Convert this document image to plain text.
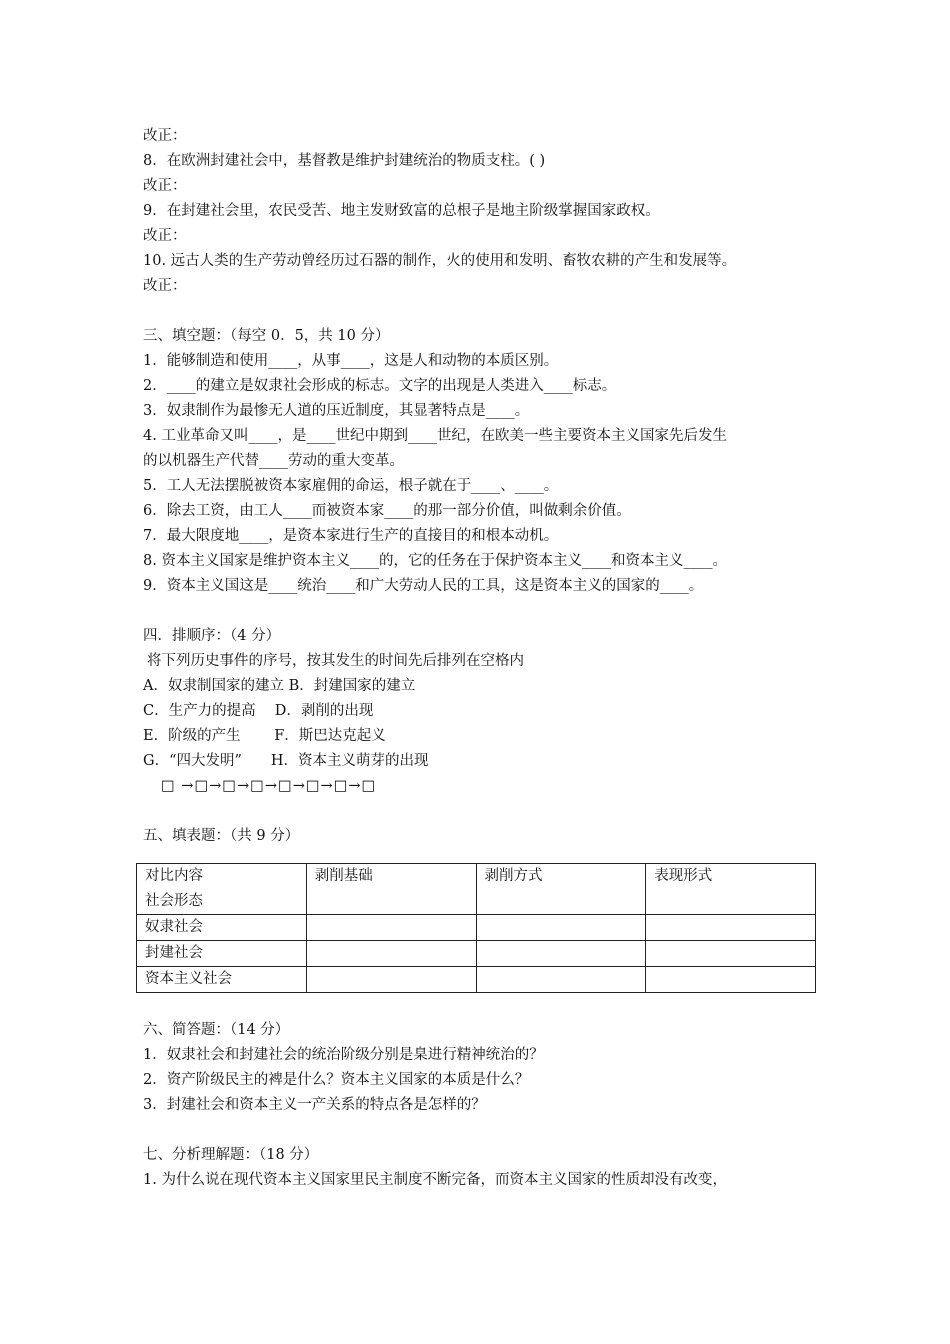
改正：
8．在欧洲封建社会中，基督教是维护封建统治的物质支柱。( )
改正：
9．在封建社会里，农民受苦、地主发财致富的总根子是地主阶级掌握国家政权。
改正：
10. 远古人类的生产劳动曾经历过石器的制作，火的使用和发明、畜牧农耕的产生和发展等。
改正：
三、填空题：（每空 0．5，共 10 分）
1．能够制造和使用____，从事____，这是人和动物的本质区别。
2．____的建立是奴隶社会形成的标志。文字的出现是人类进入____标志。
3．奴隶制作为最惨无人道的压近制度，其显著特点是____。
4. 工业革命又叫____，是____世纪中期到____世纪，在欧美一些主要资本主义国家先后发生
的以机器生产代替____劳动的重大变革。
5．工人无法摆脱被资本家雇佣的命运，根子就在于____、____。
6．除去工资，由工人____而被资本家____的那一部分价值，叫做剩余价值。
7．最大限度地____，是资本家进行生产的直接目的和根本动机。
8. 资本主义国家是维护资本主义____的，它的任务在于保护资本主义____和资本主义____。
9．资本主义国这是____统治____和广大劳动人民的工具，这是资本主义的国家的____。
四．排顺序：（4 分）
将下列历史事件的序号，按其发生的时间先后排列在空格内
A．奴隶制国家的建立 B．封建国家的建立
C．生产力的提高　 D．剥削的出现
E．阶级的产生　　 F．斯巴达克起义
G．“四大发明”　　H．资本主义萌芽的出现
□ →□→□→□→□→□→□→□
五、填表题：（共 9 分）
对比内容
社会形态	剥削基础	剥削方式	表现形式
奴隶社会			
封建社会			
资本主义社会			
六、简答题：（14 分）
1．奴隶社会和封建社会的统治阶级分别是臬进行精神统治的？
2．资产阶级民主的裨是什么？资本主义国家的本质是什么？
3．封建社会和资本主义一产关系的特点各是怎样的？
七、分析理解题：（18 分）
1. 为什么说在现代资本主义国家里民主制度不断完备，而资本主义国家的性质却没有改变，
